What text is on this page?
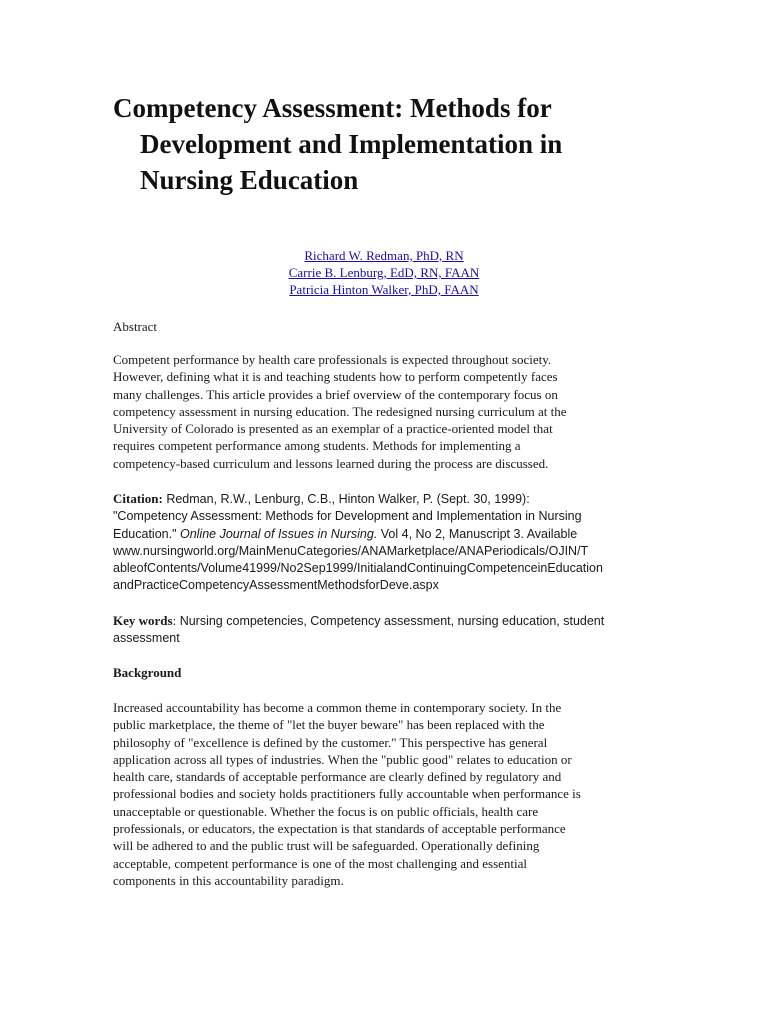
Competency Assessment: Methods for
Development and Implementation in
Nursing Education
Richard W. Redman, PhD, RN
Carrie B. Lenburg, EdD, RN, FAAN
Patricia Hinton Walker, PhD, FAAN

Abstract

Competent performance by health care professionals is expected throughout society.
However, defining what it is and teaching students how to perform competently faces
many challenges. This article provides a brief overview of the contemporary focus on
competency assessment in nursing education. The redesigned nursing curriculum at the
University of Colorado is presented as an exemplar of a practice-oriented model that
requires competent performance among students. Methods for implementing a
competency-based curriculum and lessons learned during the process are discussed.

Citation: Redman, R.W., Lenburg, C.B., Hinton Walker, P. (Sept. 30, 1999):
"Competency Assessment: Methods for Development and Implementation in Nursing
Education." Online Journal of Issues in Nursing. Vol 4, No 2, Manuscript 3. Available
www.nursingworld.org/MainMenuCategories/ANAMarketplace/ANAPeriodicals/OJIN/T
ableofContents/Volume41999/No2Sep1999/InitialandContinuingCompetenceinEducation
andPracticeCompetencyAssessmentMethodsforDeve.aspx

Key words: Nursing competencies, Competency assessment, nursing education, student
assessment

Background

Increased accountability has become a common theme in contemporary society. In the
public marketplace, the theme of "let the buyer beware" has been replaced with the
philosophy of "excellence is defined by the customer." This perspective has general
application across all types of industries. When the "public good" relates to education or
health care, standards of acceptable performance are clearly defined by regulatory and
professional bodies and society holds practitioners fully accountable when performance is
unacceptable or questionable. Whether the focus is on public officials, health care
professionals, or educators, the expectation is that standards of acceptable performance
will be adhered to and the public trust will be safeguarded. Operationally defining
acceptable, competent performance is one of the most challenging and essential
components in this accountability paradigm.
